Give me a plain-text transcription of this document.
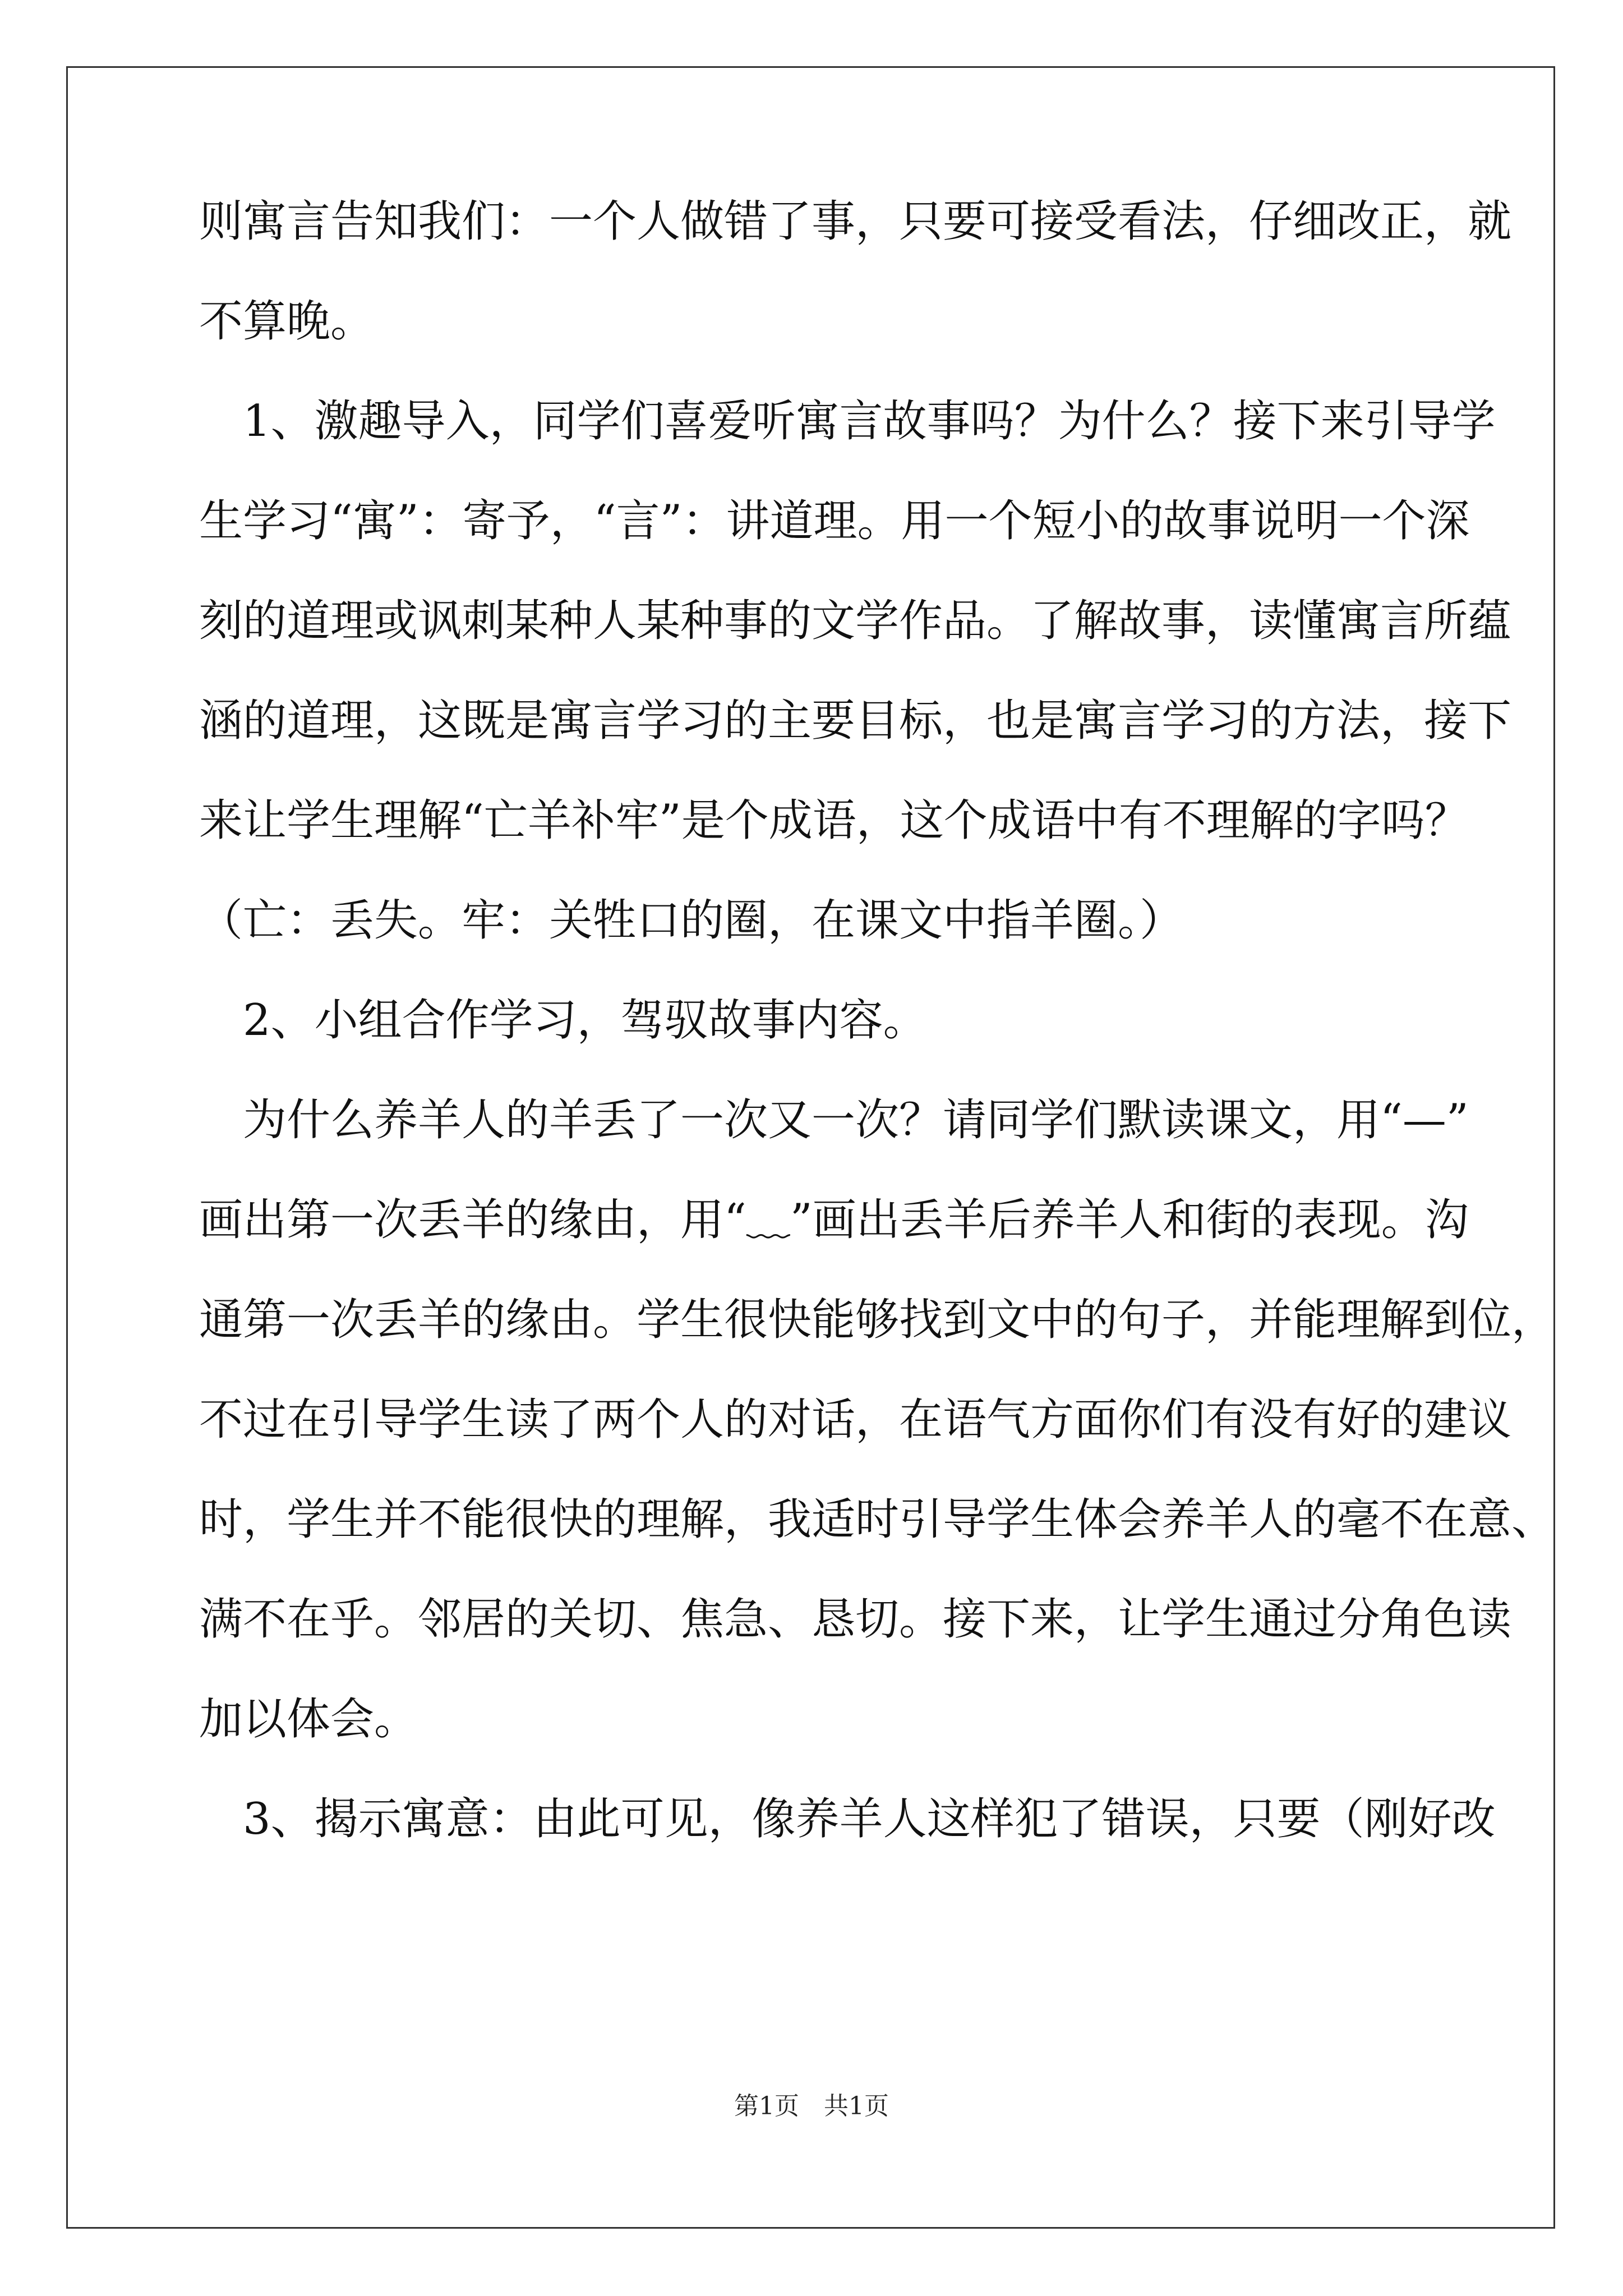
则寓言告知我们：一个人做错了事，只要可接受看法，仔细改正，就
不算晚。
　1、激趣导入，同学们喜爱听寓言故事吗？为什么？接下来引导学
生学习“寓”：寄予，“言”：讲道理。用一个短小的故事说明一个深
刻的道理或讽刺某种人某种事的文学作品。了解故事，读懂寓言所蕴
涵的道理，这既是寓言学习的主要目标，也是寓言学习的方法，接下
来让学生理解“亡羊补牢”是个成语，这个成语中有不理解的字吗？
（亡：丢失。牢：关牲口的圈，在课文中指羊圈。）
　2、小组合作学习，驾驭故事内容。
　为什么养羊人的羊丢了一次又一次？请同学们默读课文，用“—”
画出第一次丢羊的缘由，用“﹏”画出丢羊后养羊人和街的表现。沟
通第一次丢羊的缘由。学生很快能够找到文中的句子，并能理解到位，
不过在引导学生读了两个人的对话，在语气方面你们有没有好的建议
时，学生并不能很快的理解，我适时引导学生体会养羊人的毫不在意、
满不在乎。邻居的关切、焦急、恳切。接下来，让学生通过分角色读
加以体会。
　3、揭示寓意：由此可见，像养羊人这样犯了错误，只要（刚好改
第1页　共1页
